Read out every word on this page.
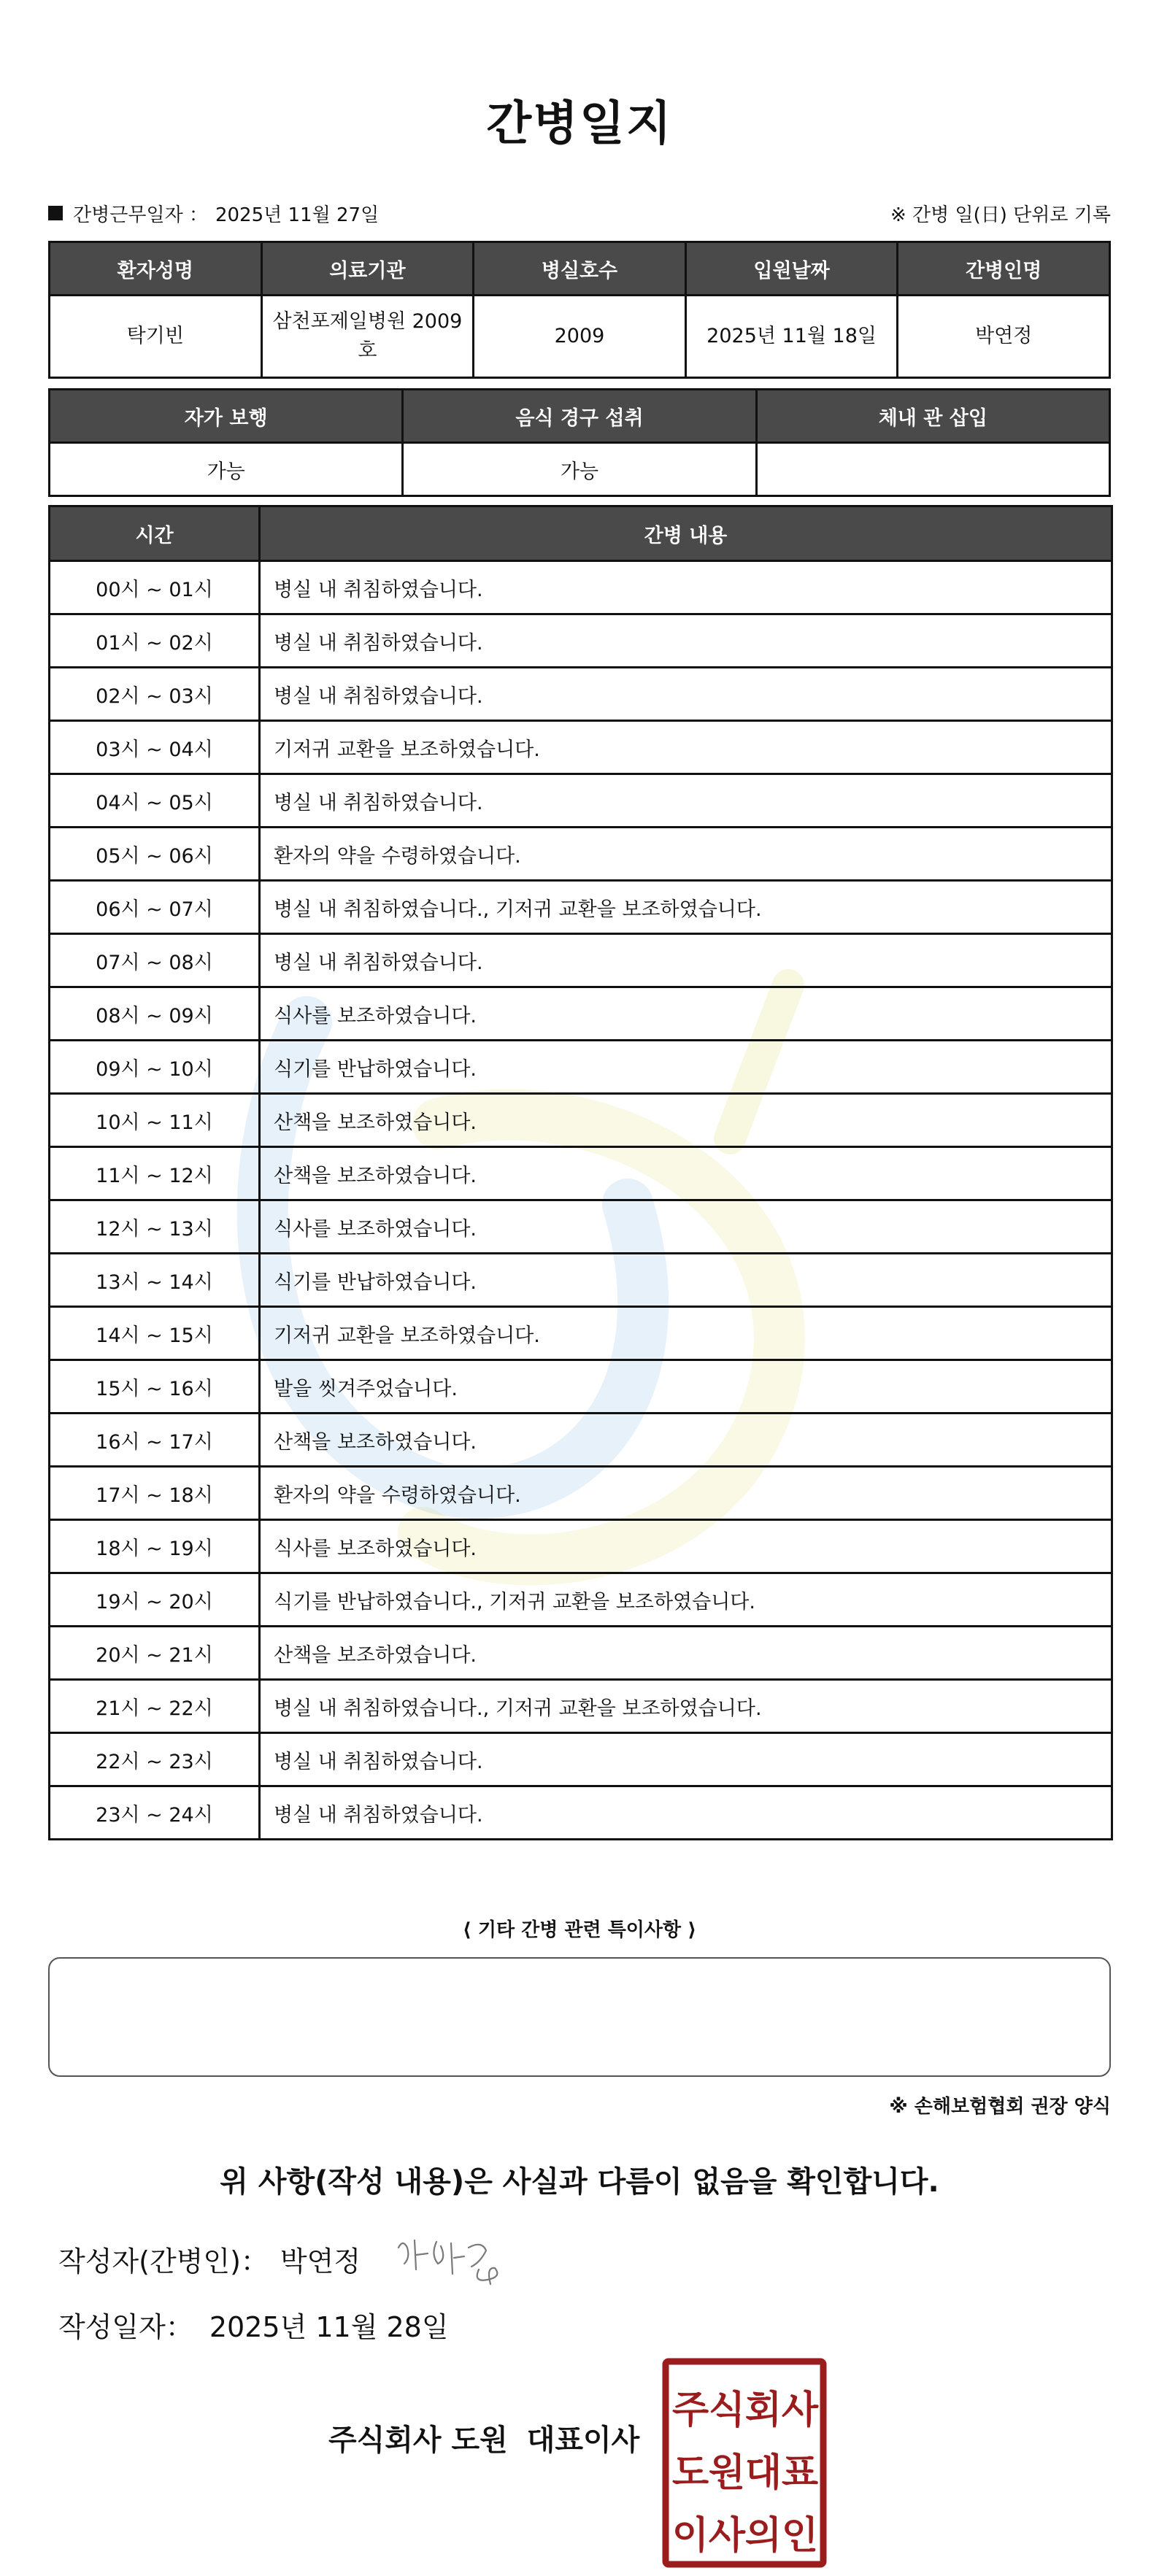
간병일지
간병근무일자 ： 2025년 11월 27일	※ 간병 일(日) 단위로 기록
환자성명	의료기관	병실호수	입원날짜	간병인명
탁기빈	삼천포제일병원 2009호	2009	2025년 11월 18일	박연정
자가 보행	음식 경구 섭취	체내 관 삽입
가능	가능	
시간	간병 내용
00시 ~ 01시	병실 내 취침하였습니다.
01시 ~ 02시	병실 내 취침하였습니다.
02시 ~ 03시	병실 내 취침하였습니다.
03시 ~ 04시	기저귀 교환을 보조하였습니다.
04시 ~ 05시	병실 내 취침하였습니다.
05시 ~ 06시	환자의 약을 수령하였습니다.
06시 ~ 07시	병실 내 취침하였습니다., 기저귀 교환을 보조하였습니다.
07시 ~ 08시	병실 내 취침하였습니다.
08시 ~ 09시	식사를 보조하였습니다.
09시 ~ 10시	식기를 반납하였습니다.
10시 ~ 11시	산책을 보조하였습니다.
11시 ~ 12시	산책을 보조하였습니다.
12시 ~ 13시	식사를 보조하였습니다.
13시 ~ 14시	식기를 반납하였습니다.
14시 ~ 15시	기저귀 교환을 보조하였습니다.
15시 ~ 16시	발을 씻겨주었습니다.
16시 ~ 17시	산책을 보조하였습니다.
17시 ~ 18시	환자의 약을 수령하였습니다.
18시 ~ 19시	식사를 보조하였습니다.
19시 ~ 20시	식기를 반납하였습니다., 기저귀 교환을 보조하였습니다.
20시 ~ 21시	산책을 보조하였습니다.
21시 ~ 22시	병실 내 취침하였습니다., 기저귀 교환을 보조하였습니다.
22시 ~ 23시	병실 내 취침하였습니다.
23시 ~ 24시	병실 내 취침하였습니다.
⟨ 기타 간병 관련 특이사항 ⟩
※ 손해보험협회 권장 양식
위 사항(작성 내용)은 사실과 다름이 없음을 확인합니다.
작성자(간병인)： 박연정
작성일자： 2025년 11월 28일
주식회사 도원 대표이사
주 식 회 사
도 원 대 표
이 사 의 인
